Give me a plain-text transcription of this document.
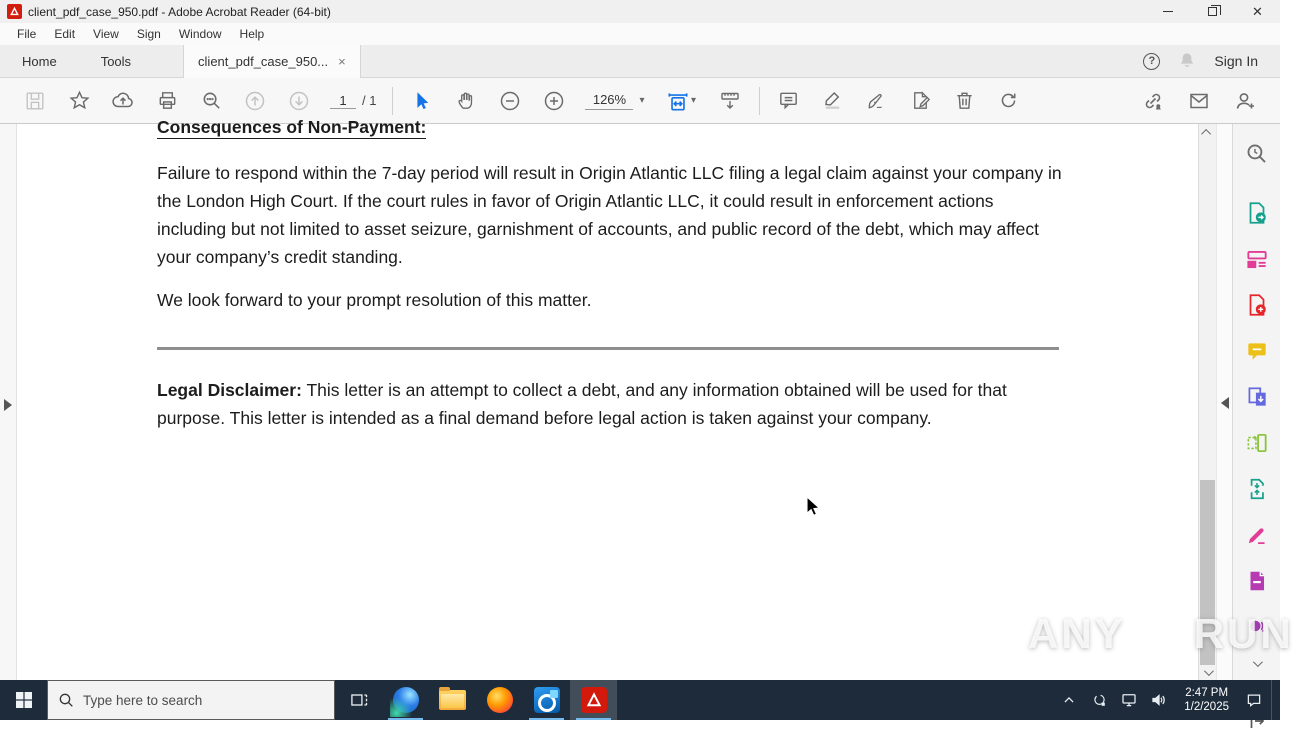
client_pdf_case_950.pdf - Adobe Acrobat Reader (64-bit)	✕
File	Edit	View	Sign	Window	Help
Home	Tools	client_pdf_case_950... ×	?	Sign In
1
/ 1	126%	▾	▾
Consequences of Non-Payment:

Failure to respond within the 7-day period will result in Origin Atlantic LLC filing a legal claim against your company in the London High Court. If the court rules in favor of Origin Atlantic LLC, it could result in enforcement actions including but not limited to asset seizure, garnishment of accounts, and public record of the debt, which may affect your company’s credit standing.

We look forward to your prompt resolution of this matter.

Legal Disclaimer: This letter is an attempt to collect a debt, and any information obtained will be used for that purpose. This letter is intended as a final demand before legal action is taken against your company.

ANY RUN
Type here to search
2:47 PM
1/2/2025
